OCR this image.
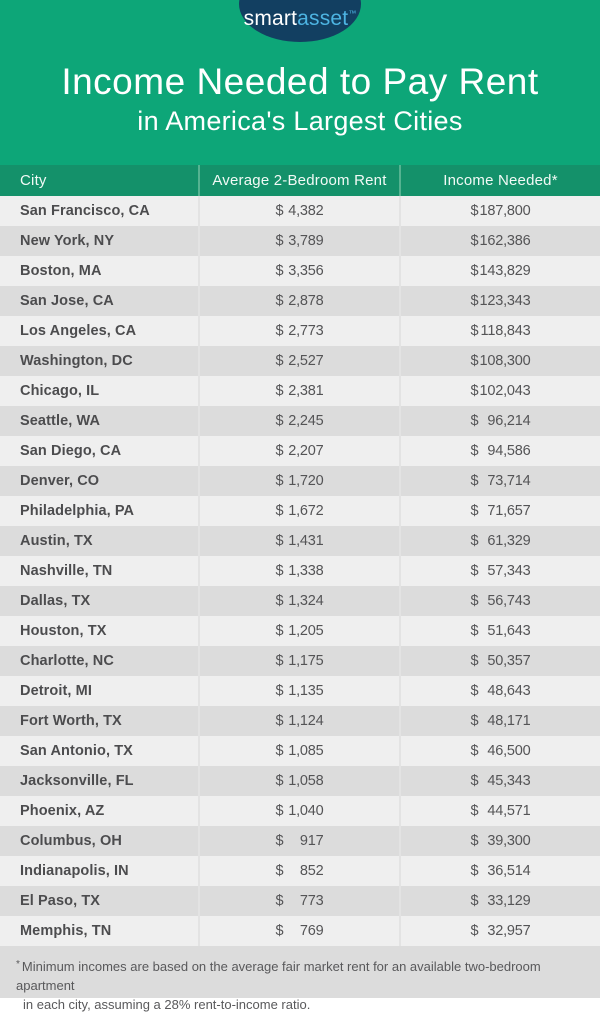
smartasset™
Income Needed to Pay Rent
in America's Largest Cities
City	Average 2-Bedroom Rent	Income Needed*
San Francisco, CA	$ 4,382	$ 187,800
New York, NY	$ 3,789	$ 162,386
Boston, MA	$ 3,356	$ 143,829
San Jose, CA	$ 2,878	$ 123,343
Los Angeles, CA	$ 2,773	$ 118,843
Washington, DC	$ 2,527	$ 108,300
Chicago, IL	$ 2,381	$ 102,043
Seattle, WA	$ 2,245	$ 96,214
San Diego, CA	$ 2,207	$ 94,586
Denver, CO	$ 1,720	$ 73,714
Philadelphia, PA	$ 1,672	$ 71,657
Austin, TX	$ 1,431	$ 61,329
Nashville, TN	$ 1,338	$ 57,343
Dallas, TX	$ 1,324	$ 56,743
Houston, TX	$ 1,205	$ 51,643
Charlotte, NC	$ 1,175	$ 50,357
Detroit, MI	$ 1,135	$ 48,643
Fort Worth, TX	$ 1,124	$ 48,171
San Antonio, TX	$ 1,085	$ 46,500
Jacksonville, FL	$ 1,058	$ 45,343
Phoenix, AZ	$ 1,040	$ 44,571
Columbus, OH	$ 917	$ 39,300
Indianapolis, IN	$ 852	$ 36,514
El Paso, TX	$ 773	$ 33,129
Memphis, TN	$ 769	$ 32,957
* Minimum incomes are based on the average fair market rent for an available two-bedroom apartment
in each city, assuming a 28% rent-to-income ratio.
